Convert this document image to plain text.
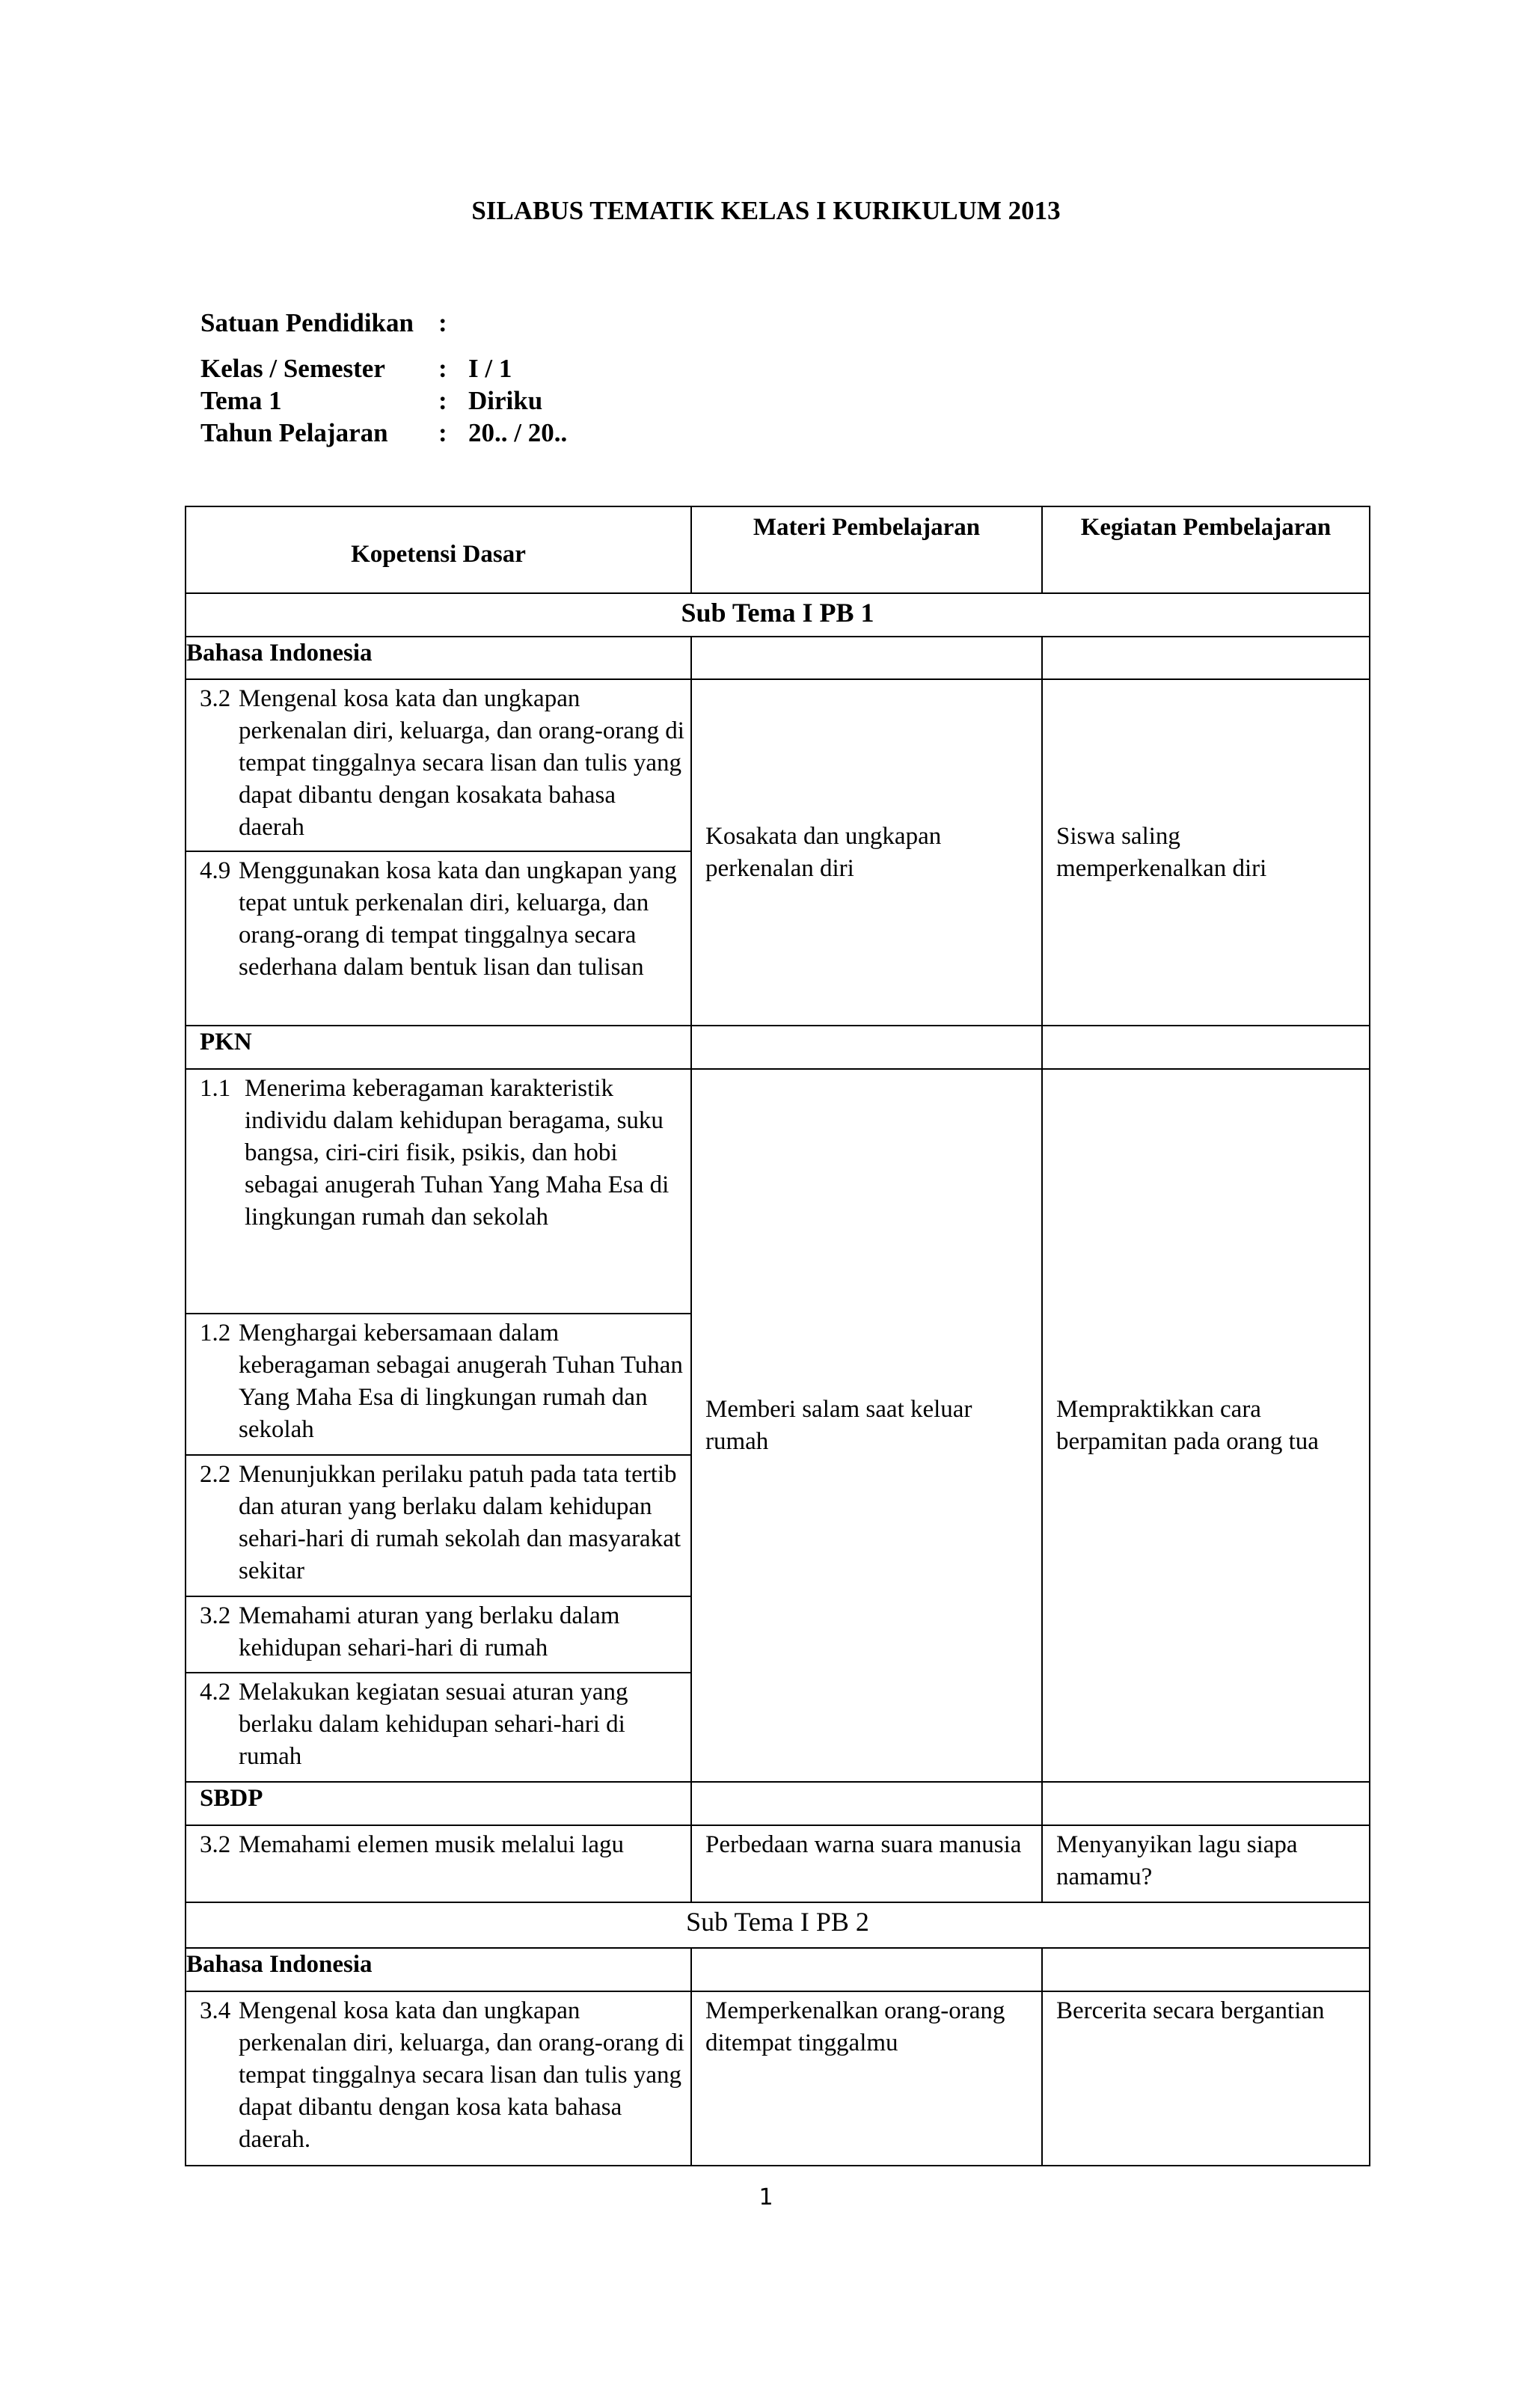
SILABUS TEMATIK KELAS I KURIKULUM 2013
Satuan Pendidikan :
Kelas / Semester : I / 1
Tema 1	: Diriku
Tahun Pelajaran : 20.. / 20..
Kopetensi Dasar	Materi Pembelajaran	Kegiatan Pembelajaran
Sub Tema I PB 1		
Bahasa Indonesia		
3.2 Mengenal kosa kata dan ungkapan perkenalan diri, keluarga, dan orang-orang di tempat tinggalnya secara lisan dan tulis yang dapat dibantu dengan kosakata bahasa daerah	Kosakata dan ungkapan perkenalan diri	Siswa saling memperkenalkan diri
4.9 Menggunakan kosa kata dan ungkapan yang tepat untuk perkenalan diri, keluarga, dan orang-orang di tempat tinggalnya secara sederhana dalam bentuk lisan dan tulisan		

PKN		
1.1 Menerima keberagaman karakteristik individu dalam kehidupan beragama, suku bangsa, ciri-ciri fisik, psikis, dan hobi sebagai anugerah Tuhan Yang Maha Esa di lingkungan rumah dan sekolah	Memberi salam saat keluar rumah	Mempraktikkan cara berpamitan pada orang tua
1.2 Menghargai kebersamaan dalam keberagaman sebagai anugerah Tuhan Tuhan Yang Maha Esa di lingkungan rumah dan sekolah		

2.2 Menunjukkan perilaku patuh pada tata tertib dan aturan yang berlaku dalam kehidupan sehari-hari di rumah sekolah dan masyarakat sekitar		

3.2 Memahami aturan yang berlaku dalam kehidupan sehari-hari di rumah		

4.2 Melakukan kegiatan sesuai aturan yang berlaku dalam kehidupan sehari-hari di rumah		

SBDP		
3.2 Memahami elemen musik melalui lagu	Perbedaan warna suara manusia	Menyanyikan lagu siapa namamu?
Sub Tema I PB 2		
Bahasa Indonesia		
3.4 Mengenal kosa kata dan ungkapan perkenalan diri, keluarga, dan orang-orang di tempat tinggalnya secara lisan dan tulis yang dapat dibantu dengan kosa kata bahasa daerah.	Memperkenalkan orang-orang ditempat tinggalmu	Bercerita secara bergantian
1
